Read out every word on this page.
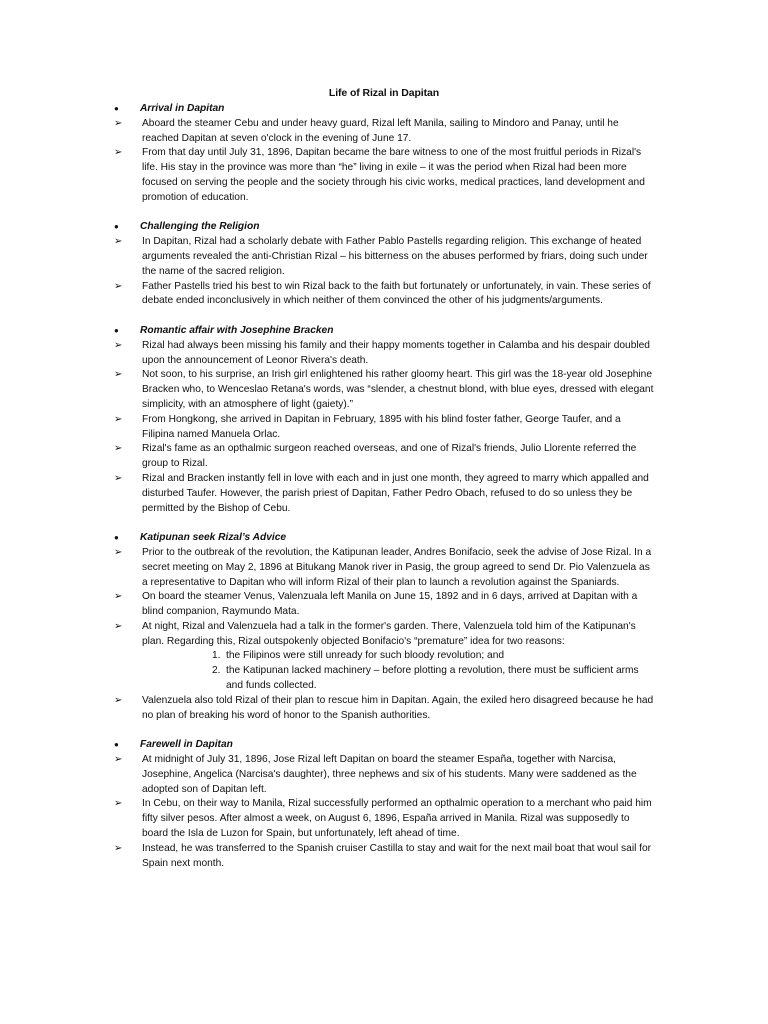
Life of Rizal in Dapitan
●	Arrival in Dapitan
➢	Aboard the steamer Cebu and under heavy guard, Rizal left Manila, sailing to Mindoro and Panay, until he reached Dapitan at seven o'clock in the evening of June 17.
➢	From that day until July 31, 1896, Dapitan became the bare witness to one of the most fruitful periods in Rizal's life. His stay in the province was more than “he” living in exile – it was the period when Rizal had been more focused on serving the people and the society through his civic works, medical practices, land development and promotion of education.
●	Challenging the Religion
➢	In Dapitan, Rizal had a scholarly debate with Father Pablo Pastells regarding religion. This exchange of heated arguments revealed the anti-Christian Rizal – his bitterness on the abuses performed by friars, doing such under the name of the sacred religion.
➢	Father Pastells tried his best to win Rizal back to the faith but fortunately or unfortunately, in vain. These series of debate ended inconclusively in which neither of them convinced the other of his judgments/arguments.
●	Romantic affair with Josephine Bracken
➢	Rizal had always been missing his family and their happy moments together in Calamba and his despair doubled upon the announcement of Leonor Rivera's death.
➢	Not soon, to his surprise, an Irish girl enlightened his rather gloomy heart. This girl was the 18-year old Josephine Bracken who, to Wenceslao Retana's words, was “slender, a chestnut blond, with blue eyes, dressed with elegant simplicity, with an atmosphere of light (gaiety).”
➢	From Hongkong, she arrived in Dapitan in February, 1895 with his blind foster father, George Taufer, and a Filipina named Manuela Orlac.
➢	Rizal's fame as an opthalmic surgeon reached overseas, and one of Rizal's friends, Julio Llorente referred the group to Rizal.
➢	Rizal and Bracken instantly fell in love with each and in just one month, they agreed to marry which appalled and disturbed Taufer. However, the parish priest of Dapitan, Father Pedro Obach, refused to do so unless they be permitted by the Bishop of Cebu.
●	Katipunan seek Rizal’s Advice
➢	Prior to the outbreak of the revolution, the Katipunan leader, Andres Bonifacio, seek the advise of Jose Rizal. In a secret meeting on May 2, 1896 at Bitukang Manok river in Pasig, the group agreed to send Dr. Pio Valenzuela as a representative to Dapitan who will inform Rizal of their plan to launch a revolution against the Spaniards.
➢	On board the steamer Venus, Valenzuala left Manila on June 15, 1892 and in 6 days, arrived at Dapitan with a blind companion, Raymundo Mata.
➢	At night, Rizal and Valenzuela had a talk in the former's garden. There, Valenzuela told him of the Katipunan's plan. Regarding this, Rizal outspokenly objected Bonifacio's “premature” idea for two reasons:
1. the Filipinos were still unready for such bloody revolution; and
2. the Katipunan lacked machinery – before plotting a revolution, there must be sufficient arms and funds collected.
➢	Valenzuela also told Rizal of their plan to rescue him in Dapitan. Again, the exiled hero disagreed because he had no plan of breaking his word of honor to the Spanish authorities.
●	Farewell in Dapitan
➢	At midnight of July 31, 1896, Jose Rizal left Dapitan on board the steamer España, together with Narcisa, Josephine, Angelica (Narcisa's daughter), three nephews and six of his students. Many were saddened as the adopted son of Dapitan left.
➢	In Cebu, on their way to Manila, Rizal successfully performed an opthalmic operation to a merchant who paid him fifty silver pesos. After almost a week, on August 6, 1896, España arrived in Manila. Rizal was supposedly to board the Isla de Luzon for Spain, but unfortunately, left ahead of time.
➢	Instead, he was transferred to the Spanish cruiser Castilla to stay and wait for the next mail boat that woul sail for Spain next month.
